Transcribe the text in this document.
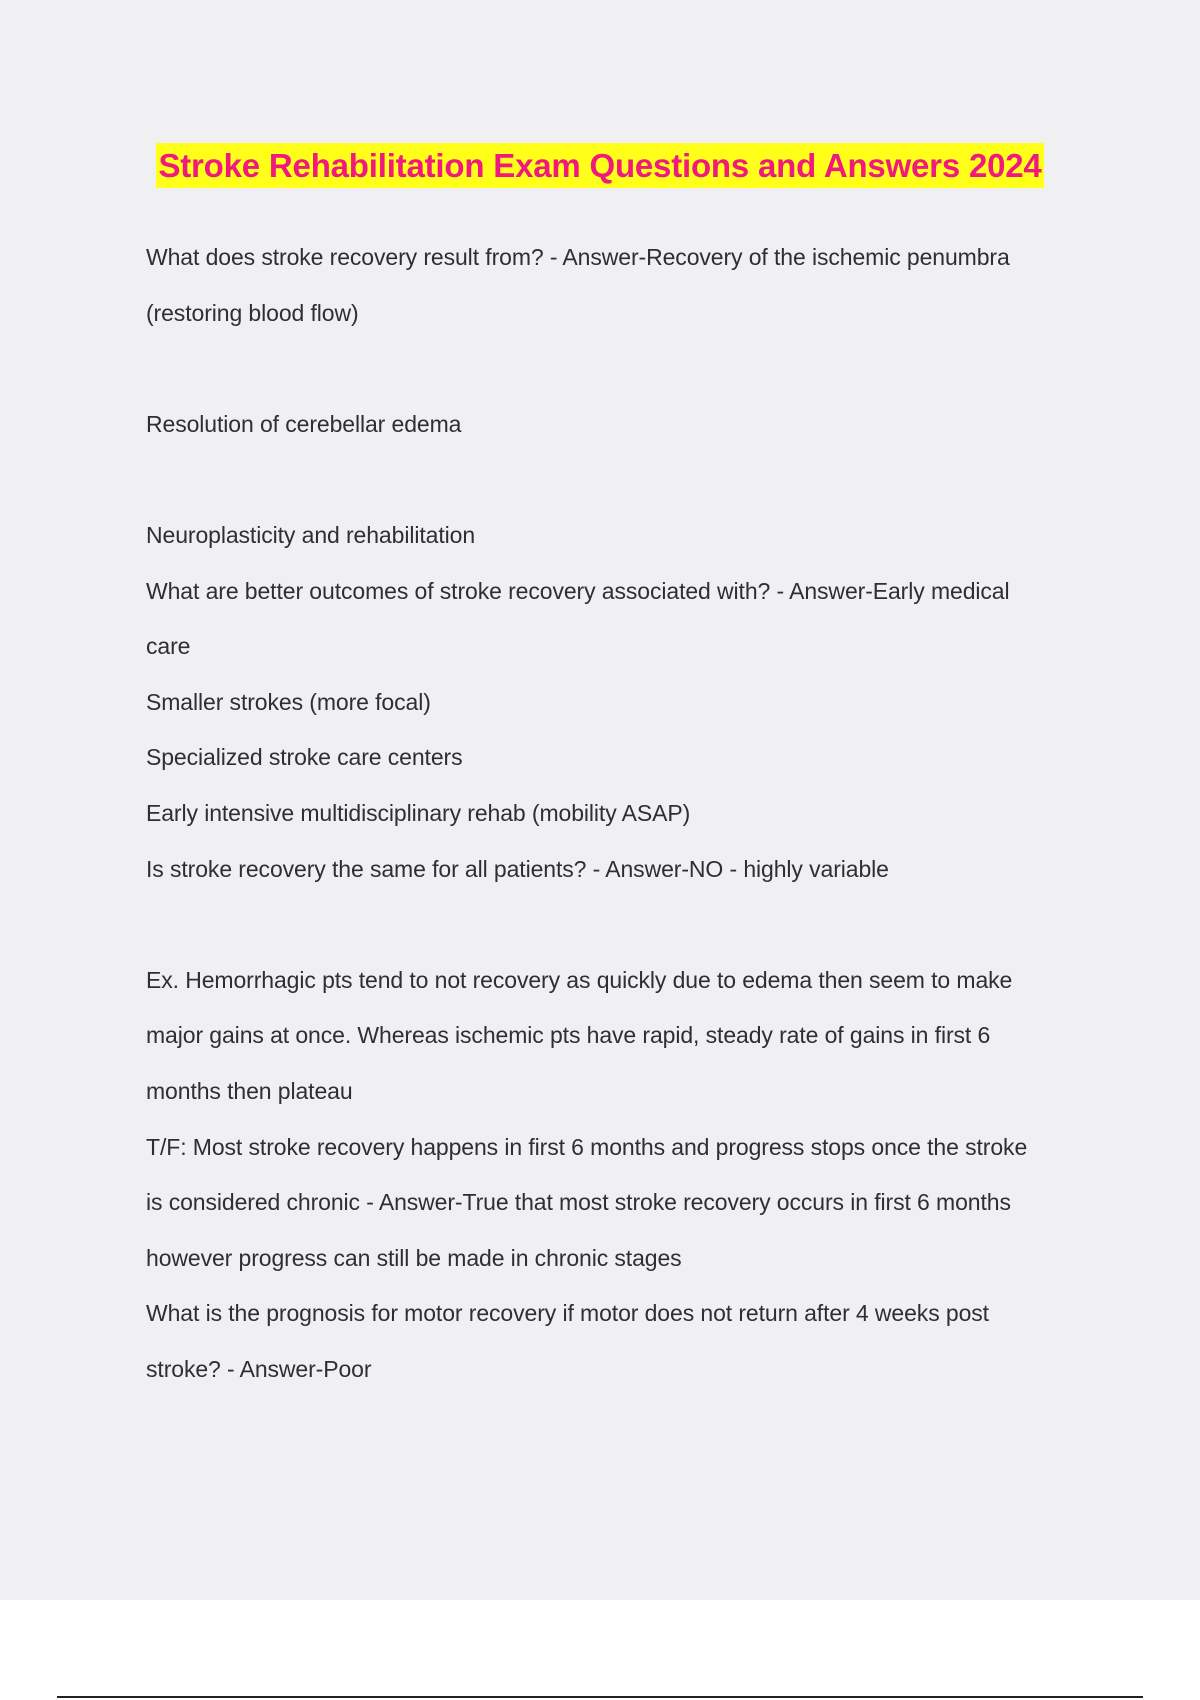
Stroke Rehabilitation Exam Questions and Answers 2024
What does stroke recovery result from? - Answer-Recovery of the ischemic penumbra
(restoring blood flow)
Resolution of cerebellar edema
Neuroplasticity and rehabilitation
What are better outcomes of stroke recovery associated with? - Answer-Early medical
care
Smaller strokes (more focal)
Specialized stroke care centers
Early intensive multidisciplinary rehab (mobility ASAP)
Is stroke recovery the same for all patients? - Answer-NO - highly variable
Ex. Hemorrhagic pts tend to not recovery as quickly due to edema then seem to make
major gains at once. Whereas ischemic pts have rapid, steady rate of gains in first 6
months then plateau
T/F: Most stroke recovery happens in first 6 months and progress stops once the stroke
is considered chronic - Answer-True that most stroke recovery occurs in first 6 months
however progress can still be made in chronic stages
What is the prognosis for motor recovery if motor does not return after 4 weeks post
stroke? - Answer-Poor
